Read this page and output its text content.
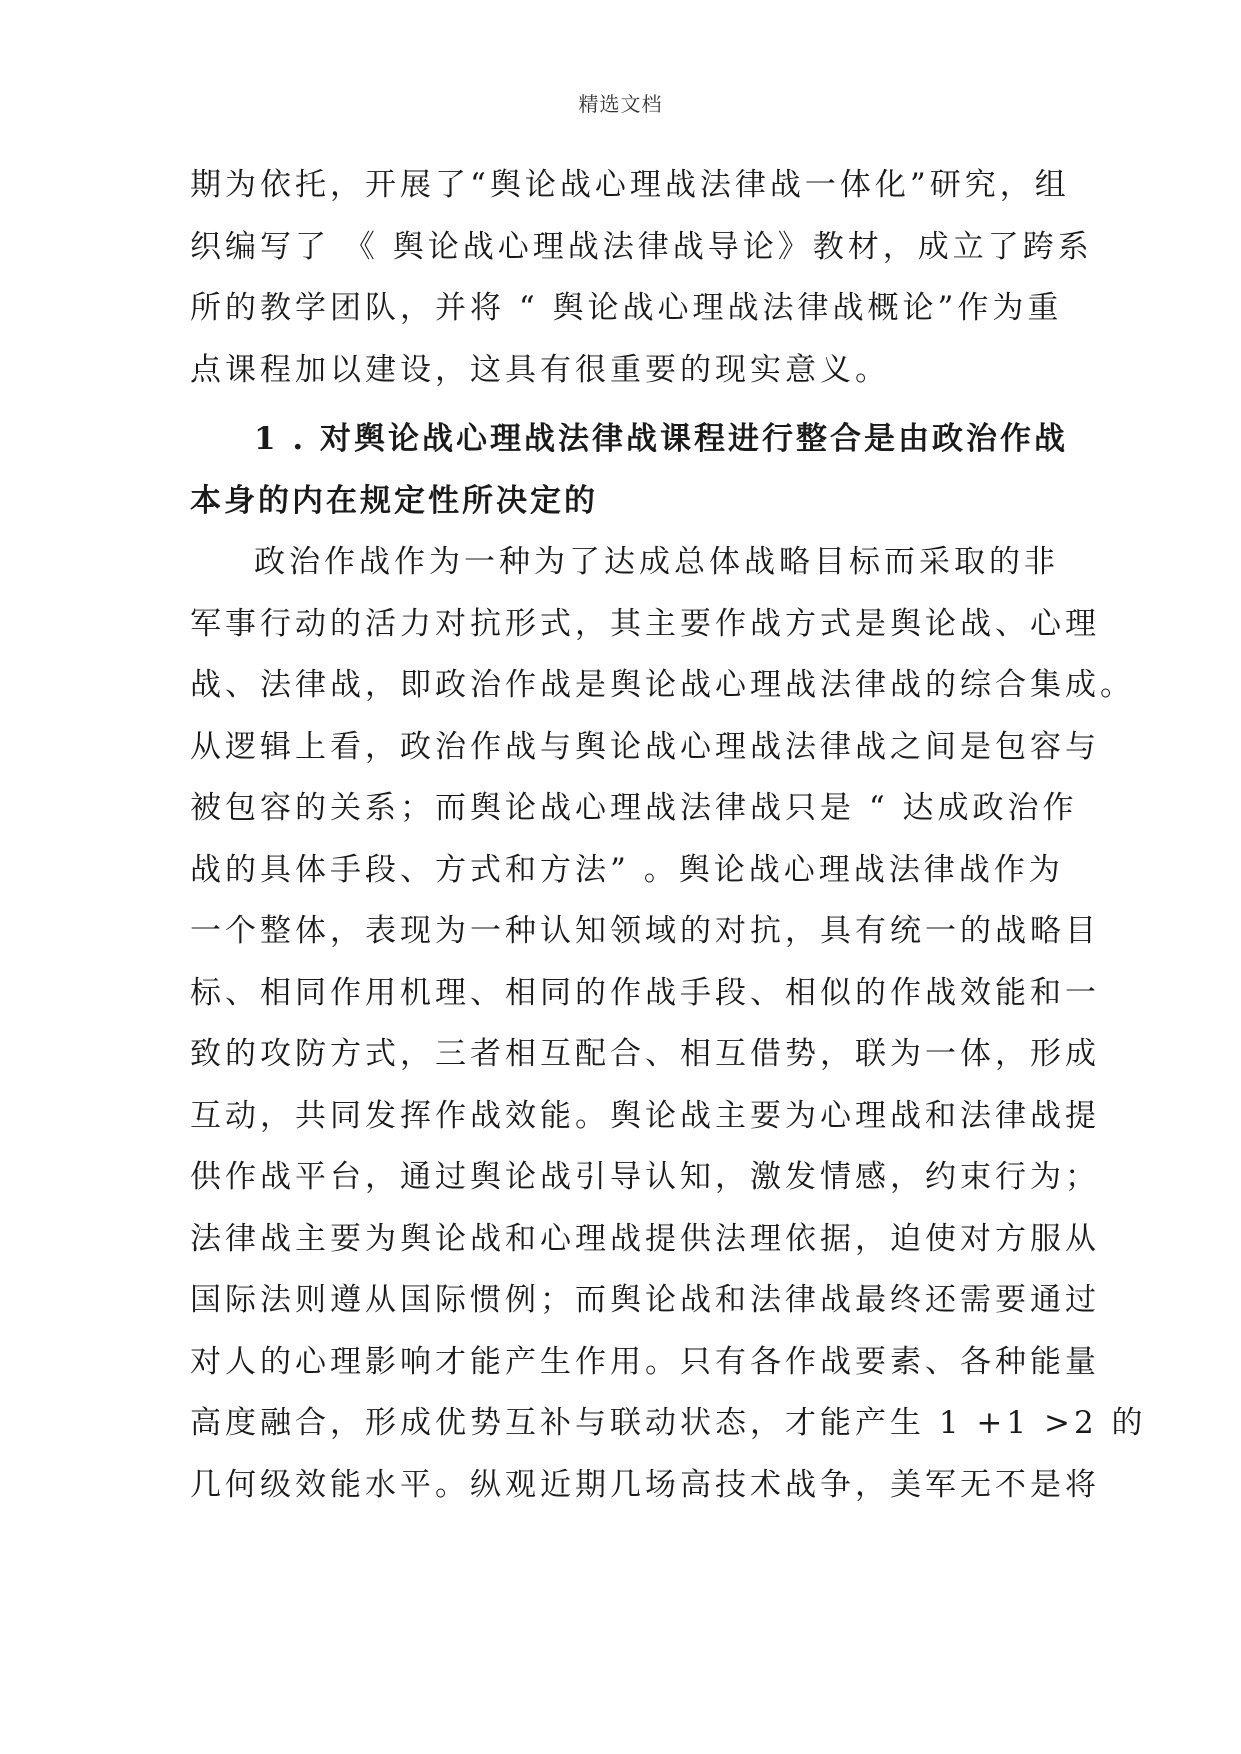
精选文档
期为依托，开展了“舆论战心理战法律战一体化”研究，组
织编写了 《 舆论战心理战法律战导论》教材，成立了跨系
所的教学团队，并将 “ 舆论战心理战法律战概论”作为重
点课程加以建设，这具有很重要的现实意义。
1 . 对舆论战心理战法律战课程进行整合是由政治作战
本身的内在规定性所决定的
政治作战作为一种为了达成总体战略目标而采取的非
军事行动的活力对抗形式，其主要作战方式是舆论战、心理
战、法律战，即政治作战是舆论战心理战法律战的综合集成。
从逻辑上看，政治作战与舆论战心理战法律战之间是包容与
被包容的关系；而舆论战心理战法律战只是 “ 达成政治作
战的具体手段、方式和方法” 。舆论战心理战法律战作为
一个整体，表现为一种认知领域的对抗，具有统一的战略目
标、相同作用机理、相同的作战手段、相似的作战效能和一
致的攻防方式，三者相互配合、相互借势，联为一体，形成
互动，共同发挥作战效能。舆论战主要为心理战和法律战提
供作战平台，通过舆论战引导认知，激发情感，约束行为；
法律战主要为舆论战和心理战提供法理依据，迫使对方服从
国际法则遵从国际惯例；而舆论战和法律战最终还需要通过
对人的心理影响才能产生作用。只有各作战要素、各种能量
高度融合，形成优势互补与联动状态，才能产生 1 +1 >2 的
几何级效能水平。纵观近期几场高技术战争，美军无不是将
